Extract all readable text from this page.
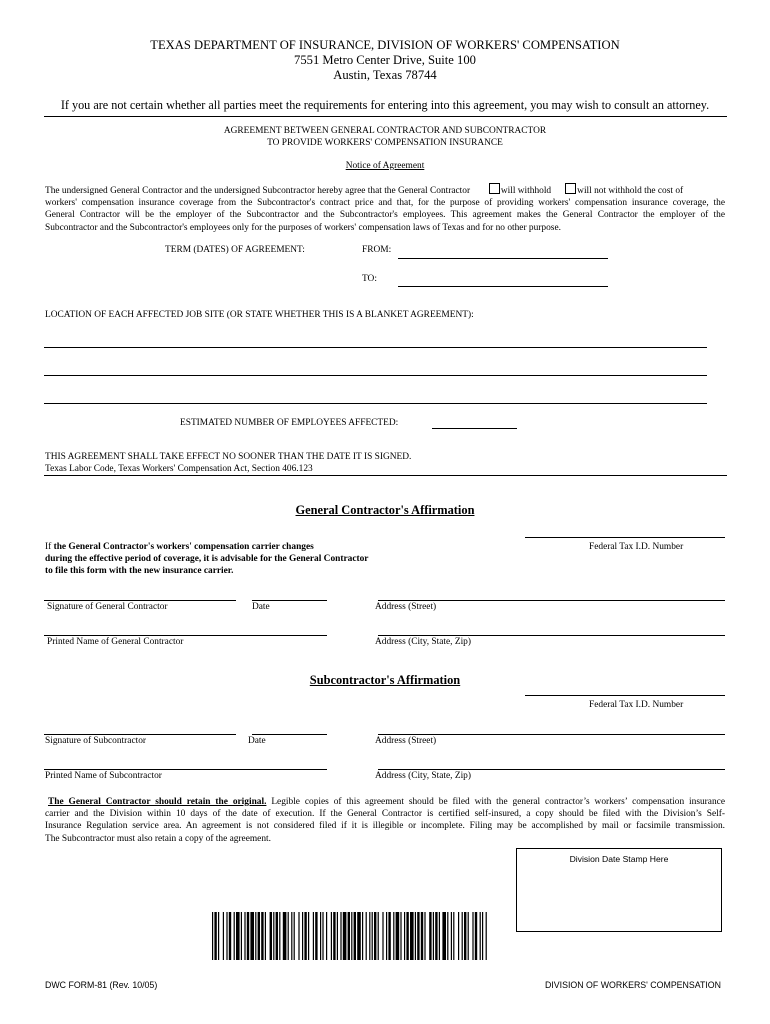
TEXAS DEPARTMENT OF INSURANCE, DIVISION OF WORKERS' COMPENSATION
7551 Metro Center Drive, Suite 100
Austin, Texas 78744
If you are not certain whether all parties meet the requirements for entering into this agreement, you may wish to consult an attorney.
AGREEMENT BETWEEN GENERAL CONTRACTOR AND SUBCONTRACTOR
TO PROVIDE WORKERS' COMPENSATION INSURANCE
Notice of Agreement
The undersigned General Contractor and the undersigned Subcontractor hereby agree that the General Contractor	will withhold	will not withhold the cost of
workers' compensation insurance coverage from the Subcontractor's contract price and that, for the purpose of providing workers' compensation insurance coverage, the
General Contractor will be the employer of the Subcontractor and the Subcontractor's employees. This agreement makes the General Contractor the employer of the
Subcontractor and the Subcontractor's employees only for the purposes of workers' compensation laws of Texas and for no other purpose.
TERM (DATES) OF AGREEMENT:	FROM:
TO:
LOCATION OF EACH AFFECTED JOB SITE (OR STATE WHETHER THIS IS A BLANKET AGREEMENT):
ESTIMATED NUMBER OF EMPLOYEES AFFECTED:
THIS AGREEMENT SHALL TAKE EFFECT NO SOONER THAN THE DATE IT IS SIGNED.
Texas Labor Code, Texas Workers' Compensation Act, Section 406.123
General Contractor's Affirmation
If the General Contractor's workers' compensation carrier changes
during the effective period of coverage, it is advisable for the General Contractor
to file this form with the new insurance carrier.
Federal Tax I.D. Number
Signature of General Contractor	Date	Address (Street)
Printed Name of General Contractor	Address (City, State, Zip)
Subcontractor's Affirmation
Federal Tax I.D. Number
Signature of Subcontractor	Date	Address (Street)
Printed Name of Subcontractor	Address (City, State, Zip)
The General Contractor should retain the original. Legible copies of this agreement should be filed with the general contractor’s workers’ compensation insurance
carrier and the Division within 10 days of the date of execution. If the General Contractor is certified self-insured, a copy should be filed with the Division’s Self-
Insurance Regulation service area. An agreement is not considered filed if it is illegible or incomplete. Filing may be accomplished by mail or facsimile transmission.
The Subcontractor must also retain a copy of the agreement.
Division Date Stamp Here
DWC FORM-81 (Rev. 10/05)	DIVISION OF WORKERS' COMPENSATION
